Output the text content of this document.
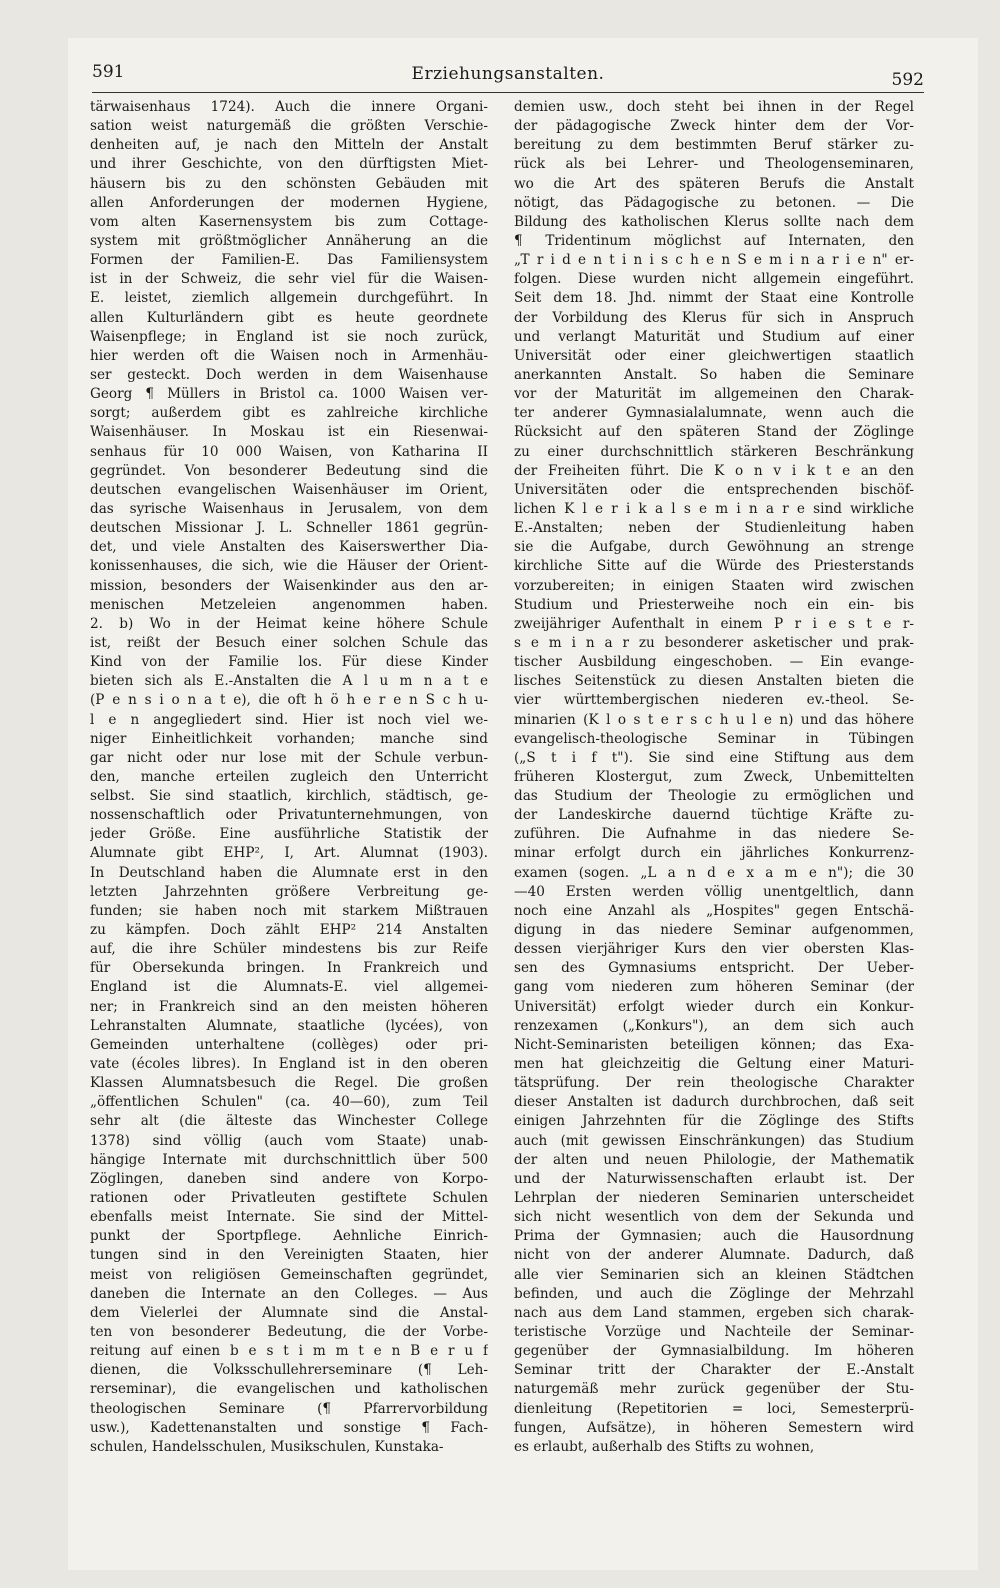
591	Erziehungsanstalten.	592
tärwaisenhaus 1724). Auch die innere Organi-
sation weist naturgemäß die größten Verschie-
denheiten auf, je nach den Mitteln der Anstalt
und ihrer Geschichte, von den dürftigsten Miet-
häusern bis zu den schönsten Gebäuden mit
allen Anforderungen der modernen Hygiene,
vom alten Kasernensystem bis zum Cottage-
system mit größtmöglicher Annäherung an die
Formen der Familien-E. Das Familiensystem
ist in der Schweiz, die sehr viel für die Waisen-
E. leistet, ziemlich allgemein durchgeführt. In
allen Kulturländern gibt es heute geordnete
Waisenpflege; in England ist sie noch zurück,
hier werden oft die Waisen noch in Armenhäu-
ser gesteckt. Doch werden in dem Waisenhause
Georg ¶ Müllers in Bristol ca. 1000 Waisen ver-
sorgt; außerdem gibt es zahlreiche kirchliche
Waisenhäuser. In Moskau ist ein Riesenwai-
senhaus für 10 000 Waisen, von Katharina II
gegründet. Von besonderer Bedeutung sind die
deutschen evangelischen Waisenhäuser im Orient,
das syrische Waisenhaus in Jerusalem, von dem
deutschen Missionar J. L. Schneller 1861 gegrün-
det, und viele Anstalten des Kaiserswerther Dia-
konissenhauses, die sich, wie die Häuser der Orient-
mission, besonders der Waisenkinder aus den ar-
menischen Metzeleien angenommen haben.
2. b) Wo in der Heimat keine höhere Schule
ist, reißt der Besuch einer solchen Schule das
Kind von der Familie los. Für diese Kinder
bieten sich als E.-Anstalten die A l u m n a t e
(P e n s i o n a t e), die oft h ö h e r e n S c h u-
l e n angegliedert sind. Hier ist noch viel we-
niger Einheitlichkeit vorhanden; manche sind
gar nicht oder nur lose mit der Schule verbun-
den, manche erteilen zugleich den Unterricht
selbst. Sie sind staatlich, kirchlich, städtisch, ge-
nossenschaftlich oder Privatunternehmungen, von
jeder Größe. Eine ausführliche Statistik der
Alumnate gibt EHP², I, Art. Alumnat (1903).
In Deutschland haben die Alumnate erst in den
letzten Jahrzehnten größere Verbreitung ge-
funden; sie haben noch mit starkem Mißtrauen
zu kämpfen. Doch zählt EHP² 214 Anstalten
auf, die ihre Schüler mindestens bis zur Reife
für Obersekunda bringen. In Frankreich und
England ist die Alumnats-E. viel allgemei-
ner; in Frankreich sind an den meisten höheren
Lehranstalten Alumnate, staatliche (lycées), von
Gemeinden unterhaltene (collèges) oder pri-
vate (écoles libres). In England ist in den oberen
Klassen Alumnatsbesuch die Regel. Die großen
„öffentlichen Schulen" (ca. 40—60), zum Teil
sehr alt (die älteste das Winchester College
1378) sind völlig (auch vom Staate) unab-
hängige Internate mit durchschnittlich über 500
Zöglingen, daneben sind andere von Korpo-
rationen oder Privatleuten gestiftete Schulen
ebenfalls meist Internate. Sie sind der Mittel-
punkt der Sportpflege. Aehnliche Einrich-
tungen sind in den Vereinigten Staaten, hier
meist von religiösen Gemeinschaften gegründet,
daneben die Internate an den Colleges. — Aus
dem Vielerlei der Alumnate sind die Anstal-
ten von besonderer Bedeutung, die der Vorbe-
reitung auf einen b e s t i m m t e n B e r u f
dienen, die Volksschullehrerseminare (¶ Leh-
rerseminar), die evangelischen und katholischen
theologischen Seminare (¶ Pfarrervorbildung
usw.), Kadettenanstalten und sonstige ¶ Fach-
schulen, Handelsschulen, Musikschulen, Kunstaka-
demien usw., doch steht bei ihnen in der Regel
der pädagogische Zweck hinter dem der Vor-
bereitung zu dem bestimmten Beruf stärker zu-
rück als bei Lehrer- und Theologenseminaren,
wo die Art des späteren Berufs die Anstalt
nötigt, das Pädagogische zu betonen. — Die
Bildung des katholischen Klerus sollte nach dem
¶ Tridentinum möglichst auf Internaten, den
„T r i d e n t i n i s c h e n S e m i n a r i e n" er-
folgen. Diese wurden nicht allgemein eingeführt.
Seit dem 18. Jhd. nimmt der Staat eine Kontrolle
der Vorbildung des Klerus für sich in Anspruch
und verlangt Maturität und Studium auf einer
Universität oder einer gleichwertigen staatlich
anerkannten Anstalt. So haben die Seminare
vor der Maturität im allgemeinen den Charak-
ter anderer Gymnasialalumnate, wenn auch die
Rücksicht auf den späteren Stand der Zöglinge
zu einer durchschnittlich stärkeren Beschränkung
der Freiheiten führt. Die K o n v i k t e an den
Universitäten oder die entsprechenden bischöf-
lichen K l e r i k a l s e m i n a r e sind wirkliche
E.-Anstalten; neben der Studienleitung haben
sie die Aufgabe, durch Gewöhnung an strenge
kirchliche Sitte auf die Würde des Priesterstands
vorzubereiten; in einigen Staaten wird zwischen
Studium und Priesterweihe noch ein ein- bis
zweijähriger Aufenthalt in einem P r i e s t e r-
s e m i n a r zu besonderer asketischer und prak-
tischer Ausbildung eingeschoben. — Ein evange-
lisches Seitenstück zu diesen Anstalten bieten die
vier württembergischen niederen ev.-theol. Se-
minarien (K l o s t e r s c h u l e n) und das höhere
evangelisch-theologische Seminar in Tübingen
(„S t i f t"). Sie sind eine Stiftung aus dem
früheren Klostergut, zum Zweck, Unbemittelten
das Studium der Theologie zu ermöglichen und
der Landeskirche dauernd tüchtige Kräfte zu-
zuführen. Die Aufnahme in das niedere Se-
minar erfolgt durch ein jährliches Konkurrenz-
examen (sogen. „L a n d e x a m e n"); die 30
—40 Ersten werden völlig unentgeltlich, dann
noch eine Anzahl als „Hospites" gegen Entschä-
digung in das niedere Seminar aufgenommen,
dessen vierjähriger Kurs den vier obersten Klas-
sen des Gymnasiums entspricht. Der Ueber-
gang vom niederen zum höheren Seminar (der
Universität) erfolgt wieder durch ein Konkur-
renzexamen („Konkurs"), an dem sich auch
Nicht-Seminaristen beteiligen können; das Exa-
men hat gleichzeitig die Geltung einer Maturi-
tätsprüfung. Der rein theologische Charakter
dieser Anstalten ist dadurch durchbrochen, daß seit
einigen Jahrzehnten für die Zöglinge des Stifts
auch (mit gewissen Einschränkungen) das Studium
der alten und neuen Philologie, der Mathematik
und der Naturwissenschaften erlaubt ist. Der
Lehrplan der niederen Seminarien unterscheidet
sich nicht wesentlich von dem der Sekunda und
Prima der Gymnasien; auch die Hausordnung
nicht von der anderer Alumnate. Dadurch, daß
alle vier Seminarien sich an kleinen Städtchen
befinden, und auch die Zöglinge der Mehrzahl
nach aus dem Land stammen, ergeben sich charak-
teristische Vorzüge und Nachteile der Seminar-
gegenüber der Gymnasialbildung. Im höheren
Seminar tritt der Charakter der E.-Anstalt
naturgemäß mehr zurück gegenüber der Stu-
dienleitung (Repetitorien = loci, Semesterprü-
fungen, Aufsätze), in höheren Semestern wird
es erlaubt, außerhalb des Stifts zu wohnen,
